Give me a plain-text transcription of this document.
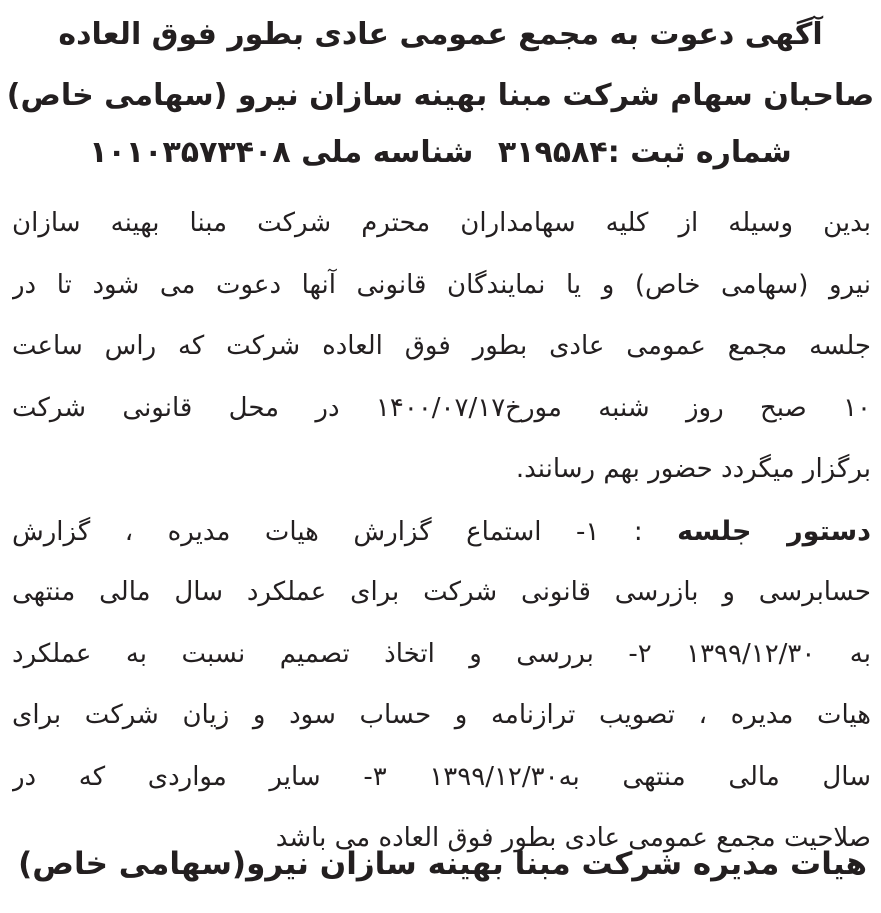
آگهی دعوت به مجمع عمومی عادی بطور فوق العاده
صاحبان سهام شرکت مبنا بهینه سازان نیرو (سهامی خاص)
شماره ثبت :۳۱۹۵۸۴ شناسه ملی ۱۰۱۰۳۵۷۳۴۰۸
بدین وسیله از کلیه سهامداران محترم شرکت مبنا بهینه سازان
نیرو (سهامی خاص) و یا نمایندگان قانونی آنها دعوت می شود تا در
جلسه مجمع عمومی عادی بطور فوق العاده شرکت که راس ساعت
۱۰ صبح روز شنبه مورخ۱۴۰۰/۰۷/۱۷ در محل قانونی شرکت
برگزار میگردد حضور بهم رسانند.
دستور جلسه : ۱- استماع گزارش هیات مدیره ، گزارش
حسابرسی و بازرسی قانونی شرکت برای عملکرد سال مالی منتهی
به ۱۳۹۹/۱۲/۳۰ ۲- بررسی و اتخاذ تصمیم نسبت به عملکرد
هیات مدیره ، تصویب ترازنامه و حساب سود و زیان شرکت برای
سال مالی منتهی به۱۳۹۹/۱۲/۳۰ ۳- سایر مواردی که در
صلاحیت مجمع عمومی عادی بطور فوق العاده می باشد
هیات مدیره شرکت مبنا بهینه سازان نیرو(سهامی خاص)
